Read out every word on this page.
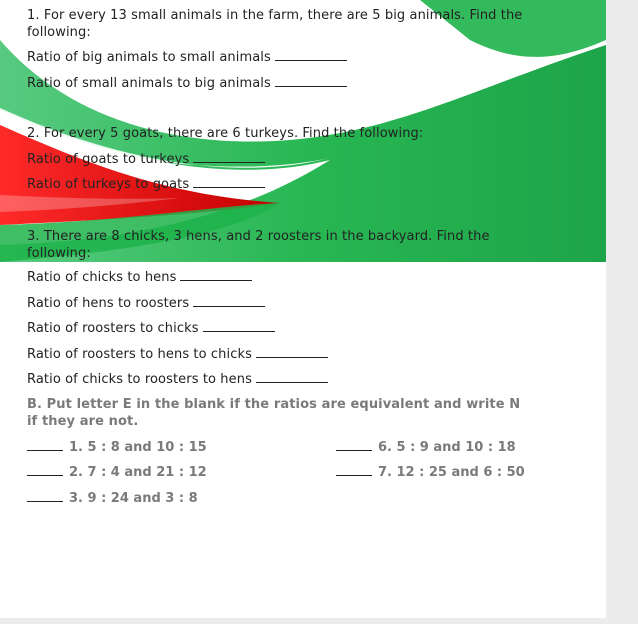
1. For every 13 small animals in the farm, there are 5 big animals. Find the following:
Ratio of big animals to small animals
Ratio of small animals to big animals
2. For every 5 goats, there are 6 turkeys. Find the following:
Ratio of goats to turkeys
Ratio of turkeys to goats
3. There are 8 chicks, 3 hens, and 2 roosters in the backyard. Find the following:
Ratio of chicks to hens
Ratio of hens to roosters
Ratio of roosters to chicks
Ratio of roosters to hens to chicks
Ratio of chicks to roosters to hens
B. Put letter E in the blank if the ratios are equivalent and write N if they are not.
1. 5 : 8 and 10 : 15
2. 7 : 4 and 21 : 12
3. 9 : 24 and 3 : 8
6. 5 : 9 and 10 : 18
7. 12 : 25 and 6 : 50
